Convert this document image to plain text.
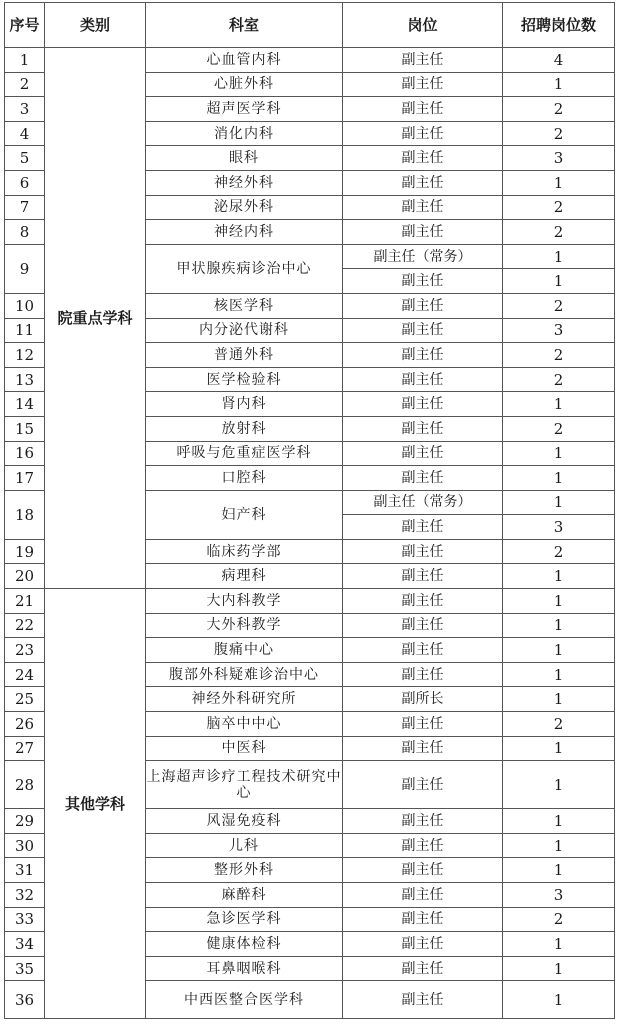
序号	类别	科室	岗位	招聘岗位数
1	院重点学科	心血管内科	副主任	4
2		心脏外科	副主任	1
3		超声医学科	副主任	2
4		消化内科	副主任	2
5		眼科	副主任	3
6		神经外科	副主任	1
7		泌尿外科	副主任	2
8		神经内科	副主任	2
9		甲状腺疾病诊治中心	副主任（常务）	1
			副主任	1
10		核医学科	副主任	2
11		内分泌代谢科	副主任	3
12		普通外科	副主任	2
13		医学检验科	副主任	2
14		肾内科	副主任	1
15		放射科	副主任	2
16		呼吸与危重症医学科	副主任	1
17		口腔科	副主任	1
18		妇产科	副主任（常务）	1
			副主任	3
19		临床药学部	副主任	2
20		病理科	副主任	1
21	其他学科	大内科教学	副主任	1
22		大外科教学	副主任	1
23		腹痛中心	副主任	1
24		腹部外科疑难诊治中心	副主任	1
25		神经外科研究所	副所长	1
26		脑卒中中心	副主任	2
27		中医科	副主任	1
28		上海超声诊疗工程技术研究中心	副主任	1
29		风湿免疫科	副主任	1
30		儿科	副主任	1
31		整形外科	副主任	1
32		麻醉科	副主任	3
33		急诊医学科	副主任	2
34		健康体检科	副主任	1
35		耳鼻咽喉科	副主任	1
36		中西医整合医学科	副主任	1
